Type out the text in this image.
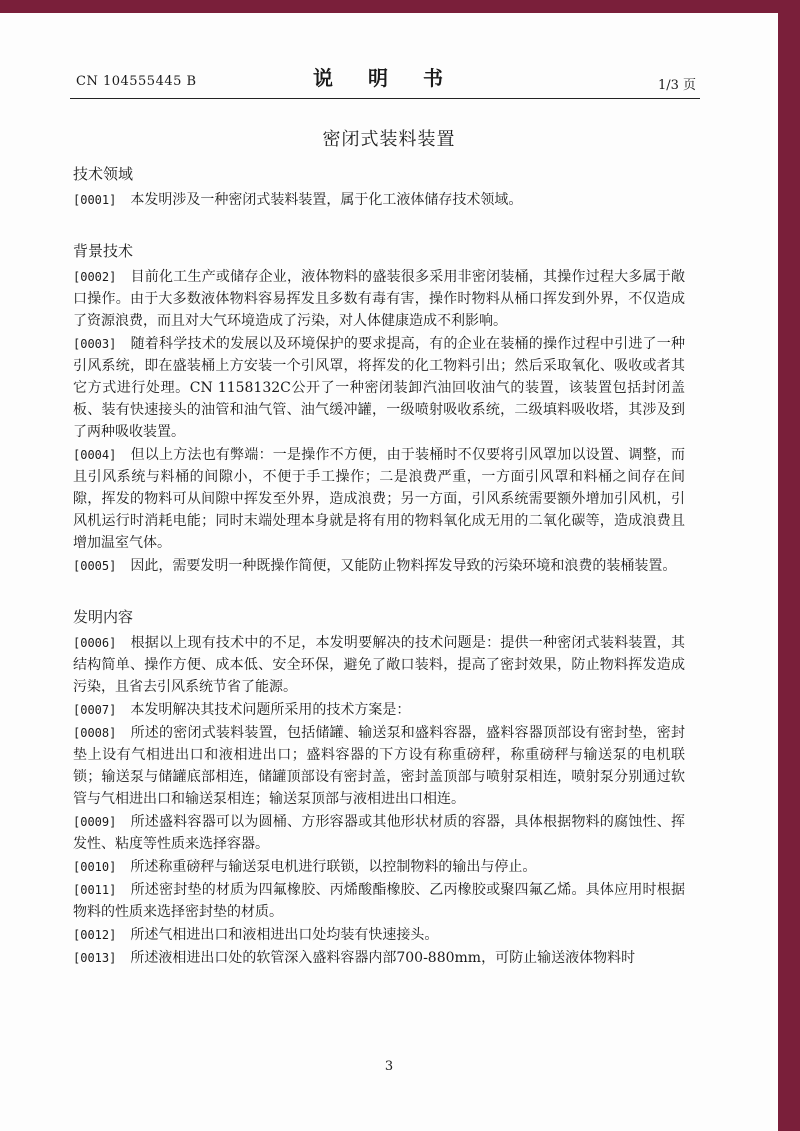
CN 104555445 B	说 明 书	1/3 页
密闭式装料装置
技术领域

[0001] 本发明涉及一种密闭式装料装置，属于化工液体储存技术领域。

背景技术

[0002] 目前化工生产或储存企业，液体物料的盛装很多采用非密闭装桶，其操作过程大多属于敞口操作。由于大多数液体物料容易挥发且多数有毒有害，操作时物料从桶口挥发到外界，不仅造成了资源浪费，而且对大气环境造成了污染，对人体健康造成不利影响。

[0003] 随着科学技术的发展以及环境保护的要求提高，有的企业在装桶的操作过程中引进了一种引风系统，即在盛装桶上方安装一个引风罩，将挥发的化工物料引出；然后采取氧化、吸收或者其它方式进行处理。CN 1158132C公开了一种密闭装卸汽油回收油气的装置，该装置包括封闭盖板、装有快速接头的油管和油气管、油气缓冲罐，一级喷射吸收系统，二级填料吸收塔，其涉及到了两种吸收装置。

[0004] 但以上方法也有弊端：一是操作不方便，由于装桶时不仅要将引风罩加以设置、调整，而且引风系统与料桶的间隙小，不便于手工操作；二是浪费严重，一方面引风罩和料桶之间存在间隙，挥发的物料可从间隙中挥发至外界，造成浪费；另一方面，引风系统需要额外增加引风机，引风机运行时消耗电能；同时末端处理本身就是将有用的物料氧化成无用的二氧化碳等，造成浪费且增加温室气体。

[0005] 因此，需要发明一种既操作简便，又能防止物料挥发导致的污染环境和浪费的装桶装置。

发明内容

[0006] 根据以上现有技术中的不足，本发明要解决的技术问题是：提供一种密闭式装料装置，其结构简单、操作方便、成本低、安全环保，避免了敞口装料，提高了密封效果，防止物料挥发造成污染，且省去引风系统节省了能源。

[0007] 本发明解决其技术问题所采用的技术方案是：

[0008] 所述的密闭式装料装置，包括储罐、输送泵和盛料容器，盛料容器顶部设有密封垫，密封垫上设有气相进出口和液相进出口；盛料容器的下方设有称重磅秤，称重磅秤与输送泵的电机联锁；输送泵与储罐底部相连，储罐顶部设有密封盖，密封盖顶部与喷射泵相连，喷射泵分别通过软管与气相进出口和输送泵相连；输送泵顶部与液相进出口相连。

[0009] 所述盛料容器可以为圆桶、方形容器或其他形状材质的容器，具体根据物料的腐蚀性、挥发性、粘度等性质来选择容器。

[0010] 所述称重磅秤与输送泵电机进行联锁，以控制物料的输出与停止。

[0011] 所述密封垫的材质为四氟橡胶、丙烯酸酯橡胶、乙丙橡胶或聚四氟乙烯。具体应用时根据物料的性质来选择密封垫的材质。

[0012] 所述气相进出口和液相进出口处均装有快速接头。

[0013] 所述液相进出口处的软管深入盛料容器内部700-880mm，可防止输送液体物料时

3
